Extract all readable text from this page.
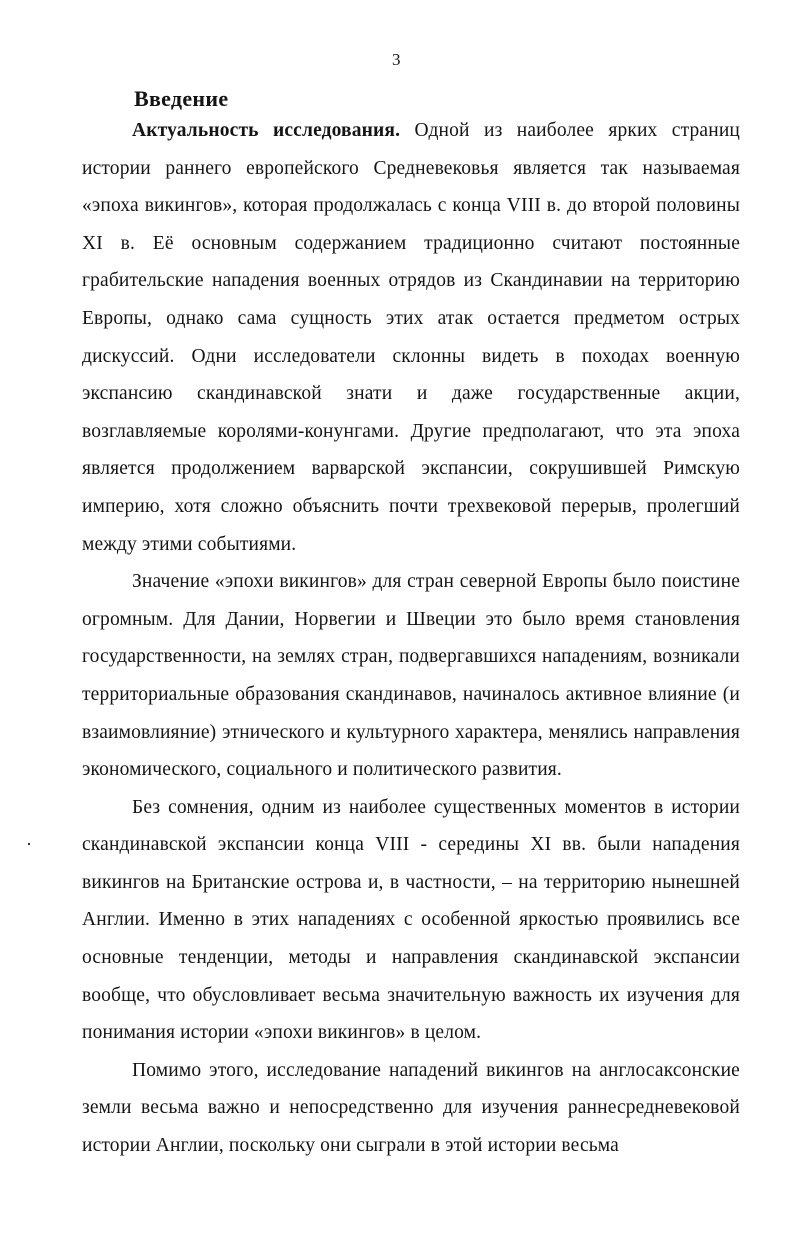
3
Введение

Актуальность исследования. Одной из наиболее ярких страниц истории раннего европейского Средневековья является так называемая «эпоха викингов», которая продолжалась с конца VIII в. до второй половины XI в. Её основным содержанием традиционно считают постоянные грабительские нападения военных отрядов из Скандинавии на территорию Европы, однако сама сущность этих атак остается предметом острых дискуссий. Одни исследователи склонны видеть в походах военную экспансию скандинавской знати и даже государственные акции, возглавляемые королями-конунгами. Другие предполагают, что эта эпоха является продолжением варварской экспансии, сокрушившей Римскую империю, хотя сложно объяснить почти трехвековой перерыв, пролегший между этими событиями.

Значение «эпохи викингов» для стран северной Европы было поистине огромным. Для Дании, Норвегии и Швеции это было время становления государственности, на землях стран, подвергавшихся нападениям, возникали территориальные образования скандинавов, начиналось активное влияние (и взаимовлияние) этнического и культурного характера, менялись направления экономического, социального и политического развития.

Без сомнения, одним из наиболее существенных моментов в истории скандинавской экспансии конца VIII - середины XI вв. были нападения викингов на Британские острова и, в частности, – на территорию нынешней Англии. Именно в этих нападениях с особенной яркостью проявились все основные тенденции, методы и направления скандинавской экспансии вообще, что обусловливает весьма значительную важность их изучения для понимания истории «эпохи викингов» в целом.

Помимо этого, исследование нападений викингов на англосаксонские земли весьма важно и непосредственно для изучения раннесредневековой истории Англии, поскольку они сыграли в этой истории весьма
